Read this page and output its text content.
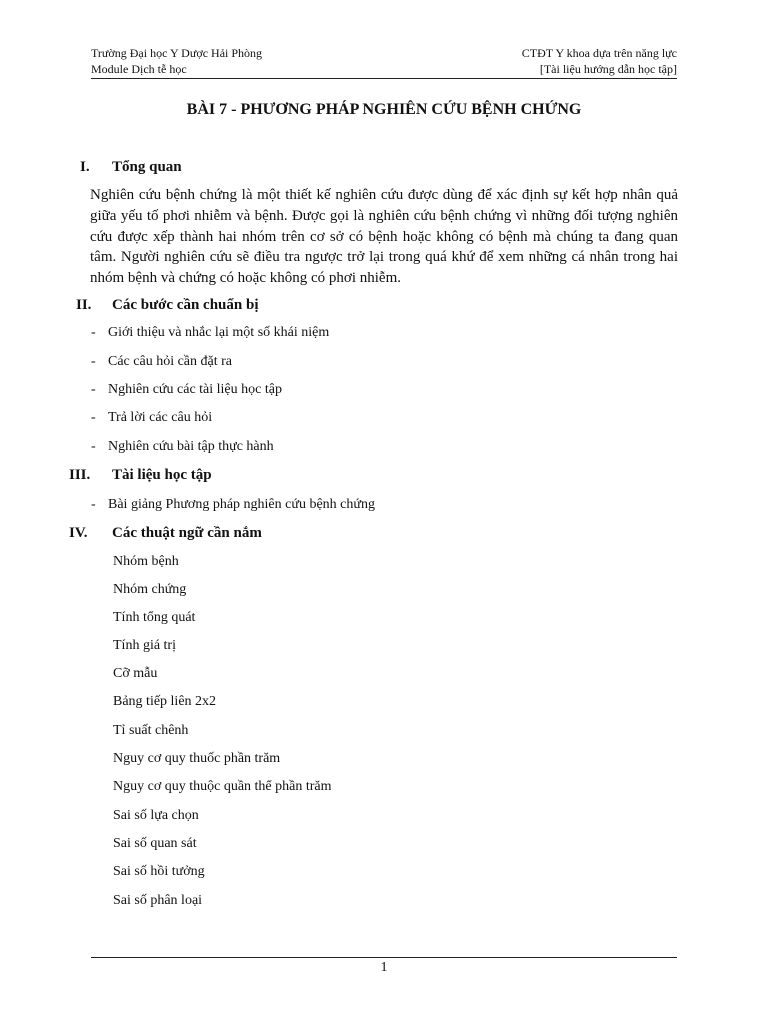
Trường Đại học Y Dược Hải Phòng
Module Dịch tễ học
CTĐT Y khoa dựa trên năng lực
[Tài liệu hướng dẫn học tập]
BÀI 7 - PHƯƠNG PHÁP NGHIÊN CỨU BỆNH CHỨNG
I. Tổng quan
Nghiên cứu bệnh chứng là một thiết kế nghiên cứu được dùng để xác định sự kết hợp nhân quả giữa yếu tố phơi nhiễm và bệnh. Được gọi là nghiên cứu bệnh chứng vì những đối tượng nghiên cứu được xếp thành hai nhóm trên cơ sở có bệnh hoặc không có bệnh mà chúng ta đang quan tâm. Người nghiên cứu sẽ điều tra ngược trở lại trong quá khứ để xem những cá nhân trong hai nhóm bệnh và chứng có hoặc không có phơi nhiễm.
II. Các bước cần chuẩn bị
- Giới thiệu và nhắc lại một số khái niệm
- Các câu hỏi cần đặt ra
- Nghiên cứu các tài liệu học tập
- Trả lời các câu hỏi
- Nghiên cứu bài tập thực hành
III. Tài liệu học tập
- Bài giảng Phương pháp nghiên cứu bệnh chứng
IV. Các thuật ngữ cần nắm
Nhóm bệnh
Nhóm chứng
Tính tổng quát
Tính giá trị
Cỡ mẫu
Bảng tiếp liên 2x2
Tỉ suất chênh
Nguy cơ quy thuốc phần trăm
Nguy cơ quy thuộc quần thể phần trăm
Sai số lựa chọn
Sai số quan sát
Sai số hồi tưởng
Sai số phân loại
1
